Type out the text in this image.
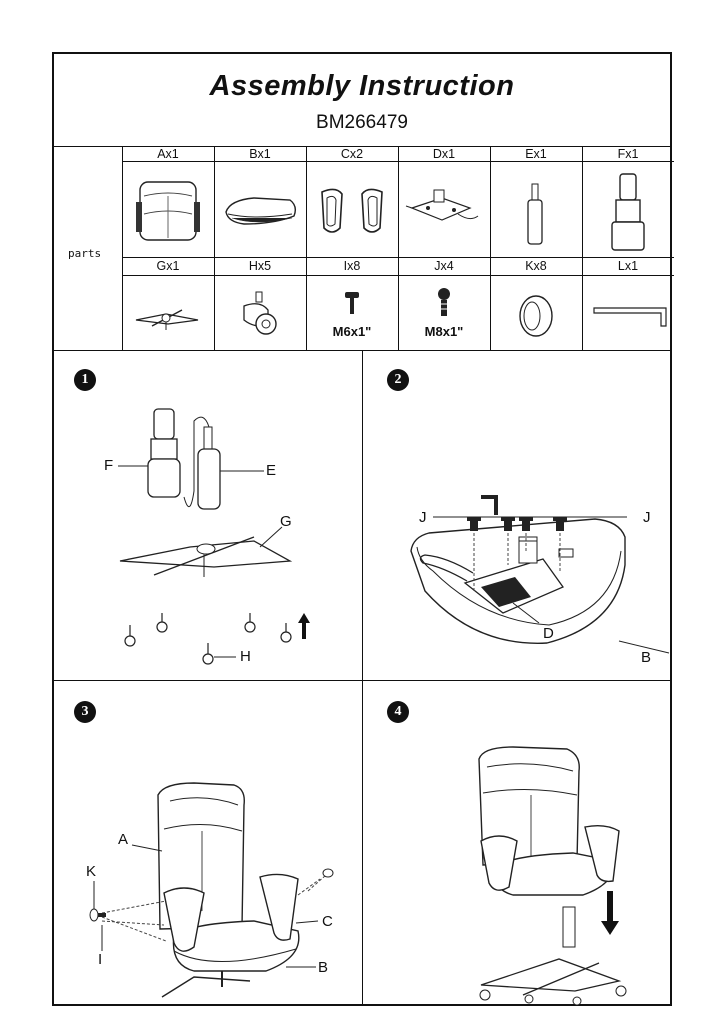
Assembly Instruction
BM266479
parts
Ax1	Bx1	Cx2	Dx1	Ex1	Fx1
Gx1	Hx5	Ix8	Jx4	Kx8	Lx1
M6x1"	M8x1"
1
F	E
G
H
2
J	J
D
B
3
A
K
C
I	B
4
